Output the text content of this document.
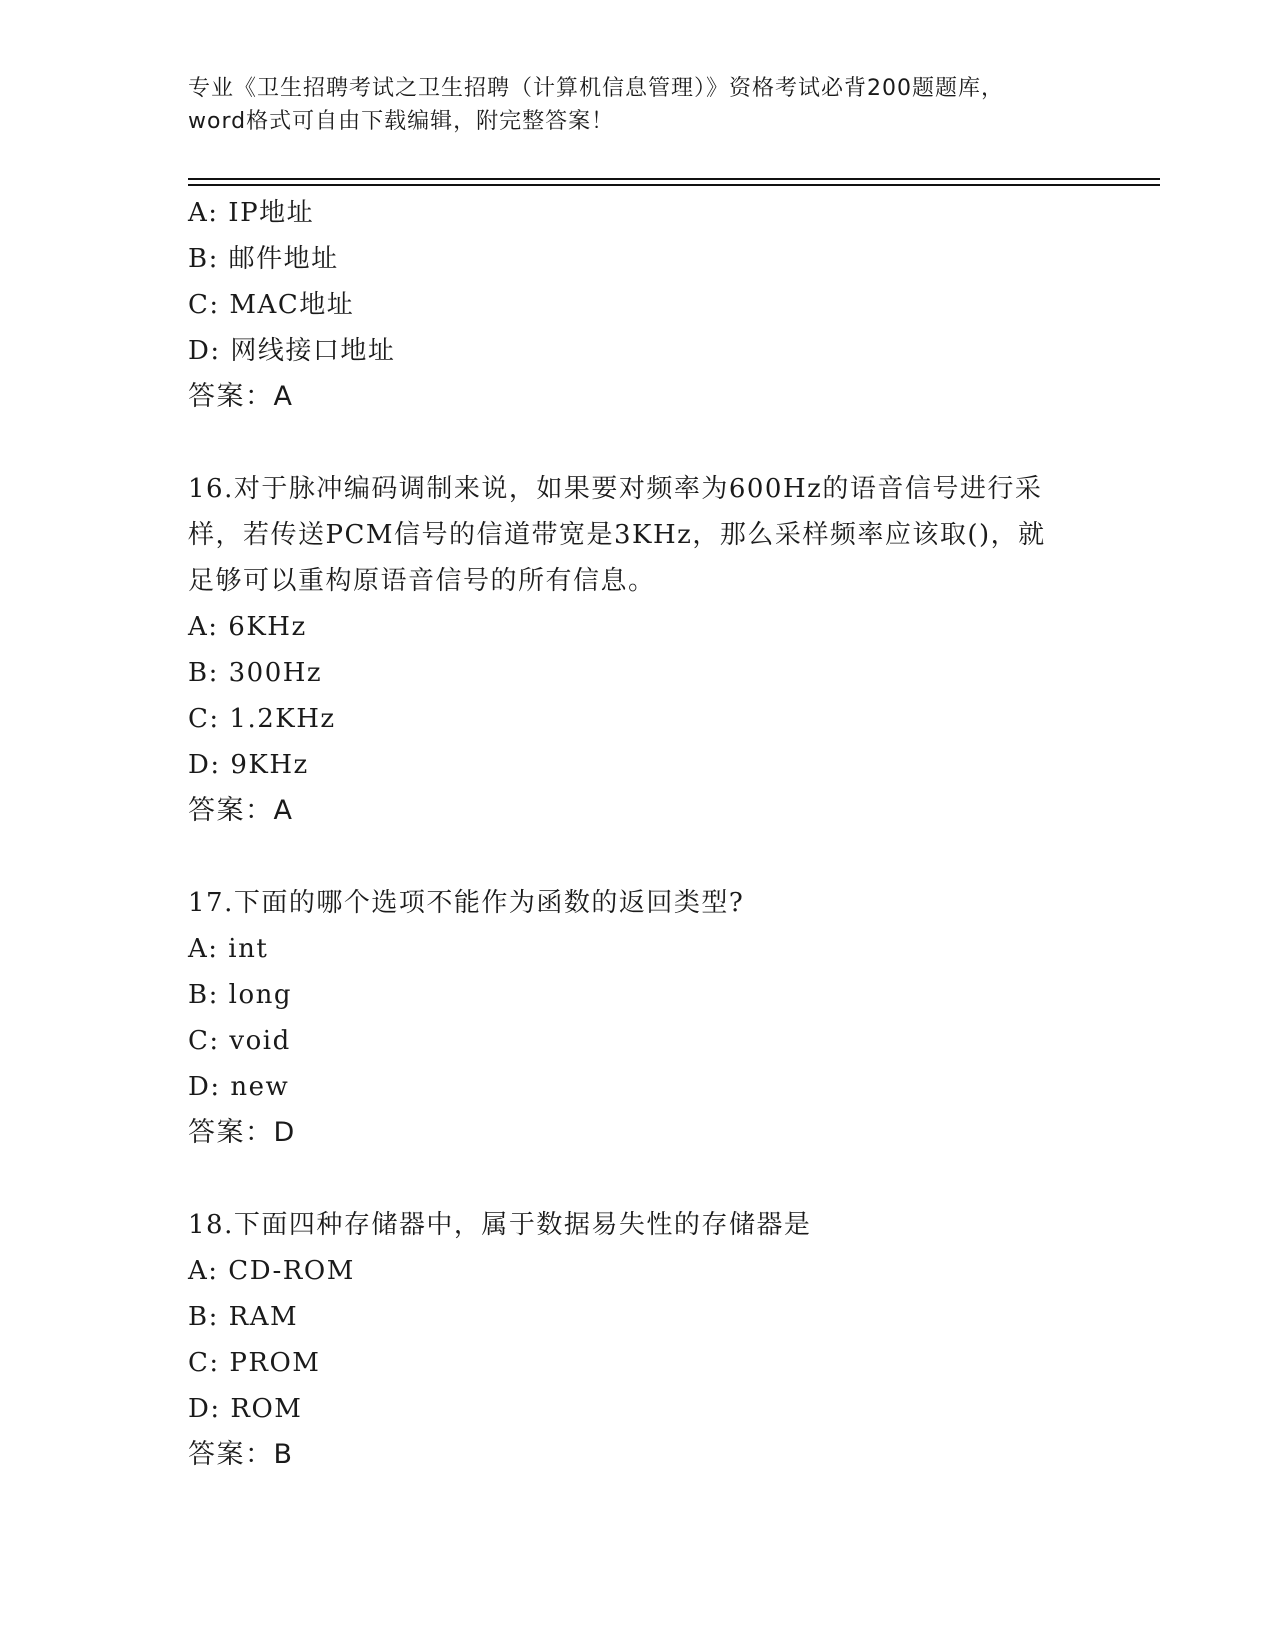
专业《卫生招聘考试之卫生招聘（计算机信息管理）》资格考试必背200题题库，
word格式可自由下载编辑，附完整答案！
A: IP地址
B: 邮件地址
C: MAC地址
D: 网线接口地址
答案：A
16.对于脉冲编码调制来说，如果要对频率为600Hz的语音信号进行采
样，若传送PCM信号的信道带宽是3KHz，那么采样频率应该取()，就
足够可以重构原语音信号的所有信息。
A: 6KHz
B: 300Hz
C: 1.2KHz
D: 9KHz
答案：A
17.下面的哪个选项不能作为函数的返回类型?
A: int
B: long
C: void
D: new
答案：D
18.下面四种存储器中，属于数据易失性的存储器是
A: CD-ROM
B: RAM
C: PROM
D: ROM
答案：B
